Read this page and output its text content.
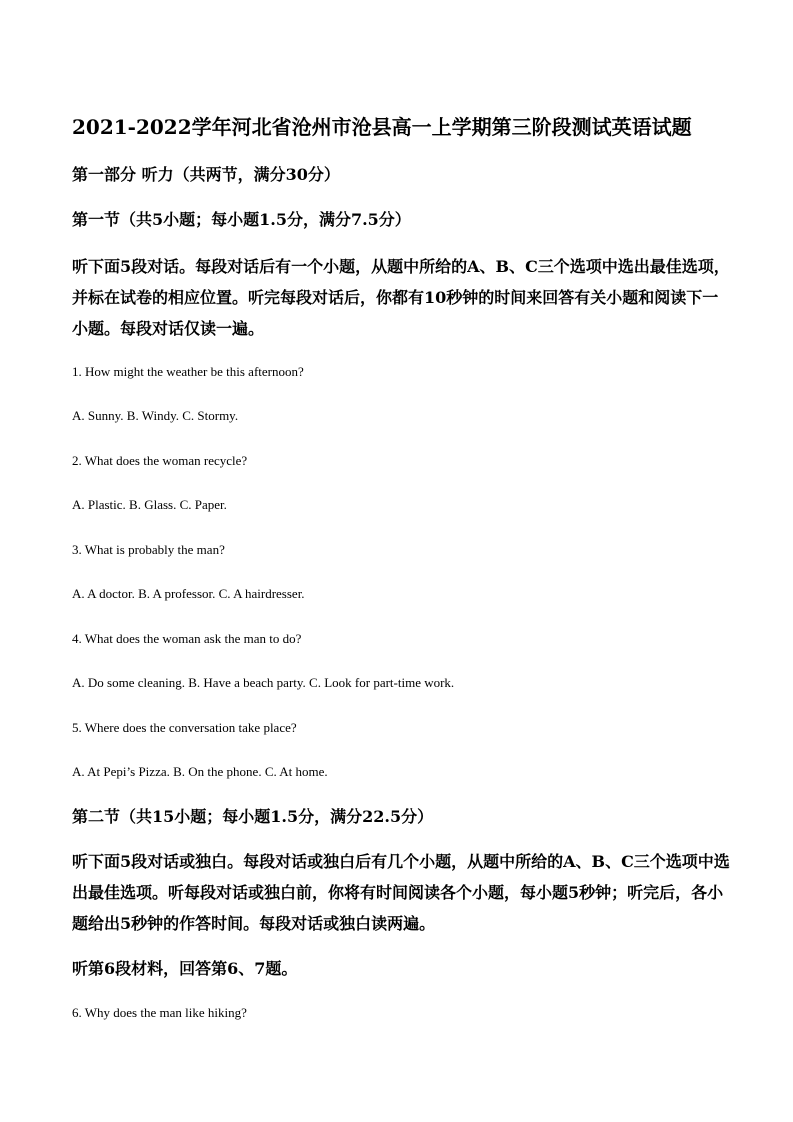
2021-2022学年河北省沧州市沧县高一上学期第三阶段测试英语试题
第一部分 听力（共两节，满分30分）
第一节（共5小题；每小题1.5分，满分7.5分）
听下面5段对话。每段对话后有一个小题，从题中所给的A、B、C三个选项中选出最佳选项，并标在试卷的相应位置。听完每段对话后，你都有10秒钟的时间来回答有关小题和阅读下一小题。每段对话仅读一遍。
1. How might the weather be this afternoon?
A. Sunny. B. Windy. C. Stormy.
2. What does the woman recycle?
A. Plastic. B. Glass. C. Paper.
3. What is probably the man?
A. A doctor. B. A professor. C. A hairdresser.
4. What does the woman ask the man to do?
A. Do some cleaning. B. Have a beach party. C. Look for part-time work.
5. Where does the conversation take place?
A. At Pepi’s Pizza. B. On the phone. C. At home.
第二节（共15小题；每小题1.5分，满分22.5分）
听下面5段对话或独白。每段对话或独白后有几个小题，从题中所给的A、B、C三个选项中选出最佳选项。听每段对话或独白前，你将有时间阅读各个小题，每小题5秒钟；听完后，各小题给出5秒钟的作答时间。每段对话或独白读两遍。
听第6段材料，回答第6、7题。
6. Why does the man like hiking?
